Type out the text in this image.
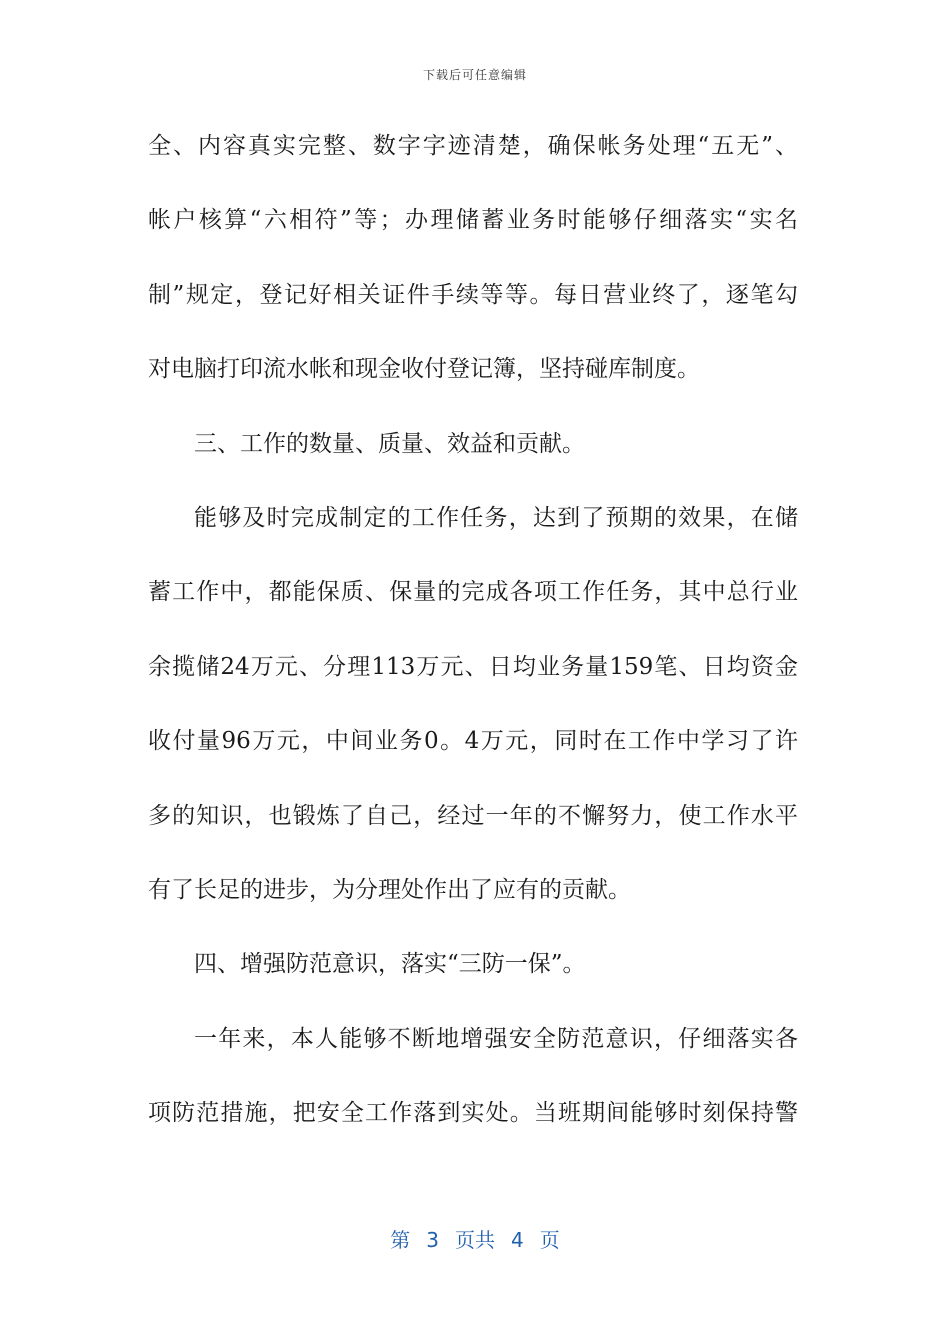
下载后可任意编辑
全、内容真实完整、数字字迹清楚，确保帐务处理“五无”、
帐户核算“六相符”等；办理储蓄业务时能够仔细落实“实名
制”规定，登记好相关证件手续等等。每日营业终了，逐笔勾
对电脑打印流水帐和现金收付登记簿，坚持碰库制度。
三、工作的数量、质量、效益和贡献。
能够及时完成制定的工作任务，达到了预期的效果，在储
蓄工作中，都能保质、保量的完成各项工作任务，其中总行业
余揽储24万元、分理113万元、日均业务量159笔、日均资金
收付量96万元，中间业务0。4万元，同时在工作中学习了许
多的知识，也锻炼了自己，经过一年的不懈努力，使工作水平
有了长足的进步，为分理处作出了应有的贡献。
四、增强防范意识，落实“三防一保”。
一年来，本人能够不断地增强安全防范意识，仔细落实各
项防范措施，把安全工作落到实处。当班期间能够时刻保持警
第 3 页共 4 页
